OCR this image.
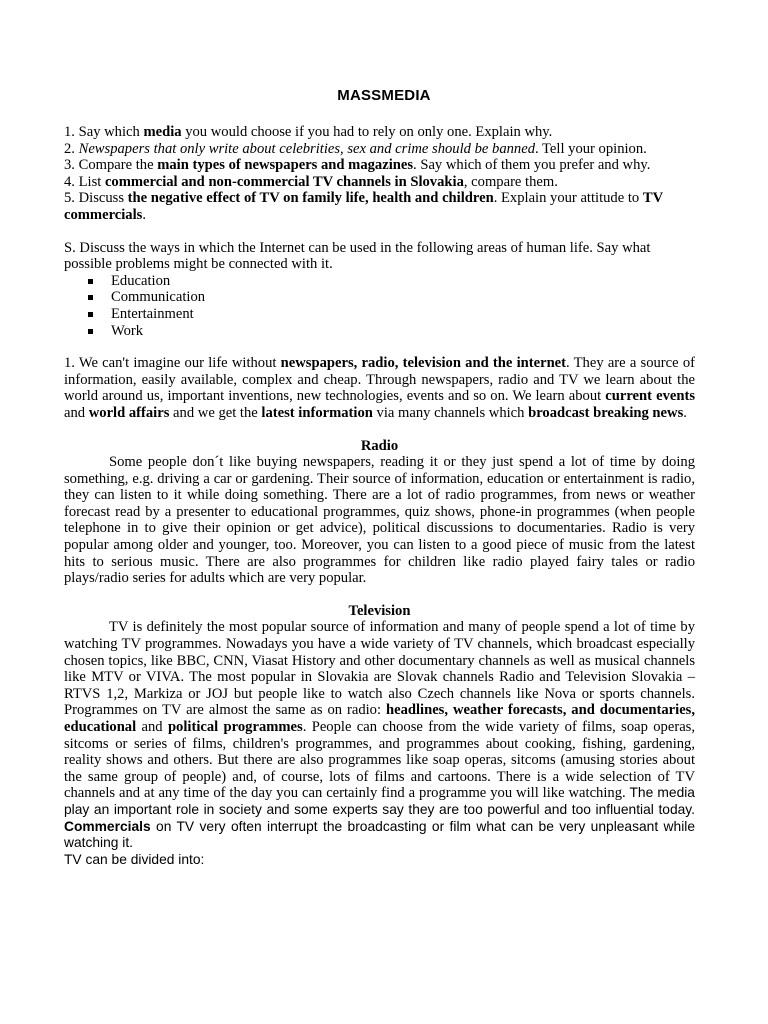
MASSMEDIA

1. Say which media you would choose if you had to rely on only one. Explain why.

2. Newspapers that only write about celebrities, sex and crime should be banned. Tell your opinion.

3. Compare the main types of newspapers and magazines. Say which of them you prefer and why.

4. List commercial and non-commercial TV channels in Slovakia, compare them.

5. Discuss the negative effect of TV on family life, health and children. Explain your attitude to TV commercials.

S. Discuss the ways in which the Internet can be used in the following areas of human life. Say what possible problems might be connected with it.

Education
Communication
Entertainment
Work

1. We can't imagine our life without newspapers, radio, television and the internet. They are a source of information, easily available, complex and cheap. Through newspapers, radio and TV we learn about the world around us, important inventions, new technologies, events and so on. We learn about current events and world affairs and we get the latest information via many channels which broadcast breaking news.

Radio

Some people don´t like buying newspapers, reading it or they just spend a lot of time by doing something, e.g. driving a car or gardening. Their source of information, education or entertainment is radio, they can listen to it while doing something. There are a lot of radio programmes, from news or weather forecast read by a presenter to educational programmes, quiz shows, phone-in programmes (when people telephone in to give their opinion or get advice), political discussions to documentaries. Radio is very popular among older and younger, too. Moreover, you can listen to a good piece of music from the latest hits to serious music. There are also programmes for children like radio played fairy tales or radio plays/radio series for adults which are very popular.

Television

TV is definitely the most popular source of information and many of people spend a lot of time by watching TV programmes. Nowadays you have a wide variety of TV channels, which broadcast especially chosen topics, like BBC, CNN, Viasat History and other documentary channels as well as musical channels like MTV or VIVA. The most popular in Slovakia are Slovak channels Radio and Television Slovakia – RTVS 1,2, Markiza or JOJ but people like to watch also Czech channels like Nova or sports channels. Programmes on TV are almost the same as on radio: headlines, weather forecasts, and documentaries, educational and political programmes. People can choose from the wide variety of films, soap operas, sitcoms or series of films, children's programmes, and programmes about cooking, fishing, gardening, reality shows and others. But there are also programmes like soap operas, sitcoms (amusing stories about the same group of people) and, of course, lots of films and cartoons. There is a wide selection of TV channels and at any time of the day you can certainly find a programme you will like watching. The media play an important role in society and some experts say they are too powerful and too influential today. Commercials on TV very often interrupt the broadcasting or film what can be very unpleasant while watching it.

TV can be divided into:
